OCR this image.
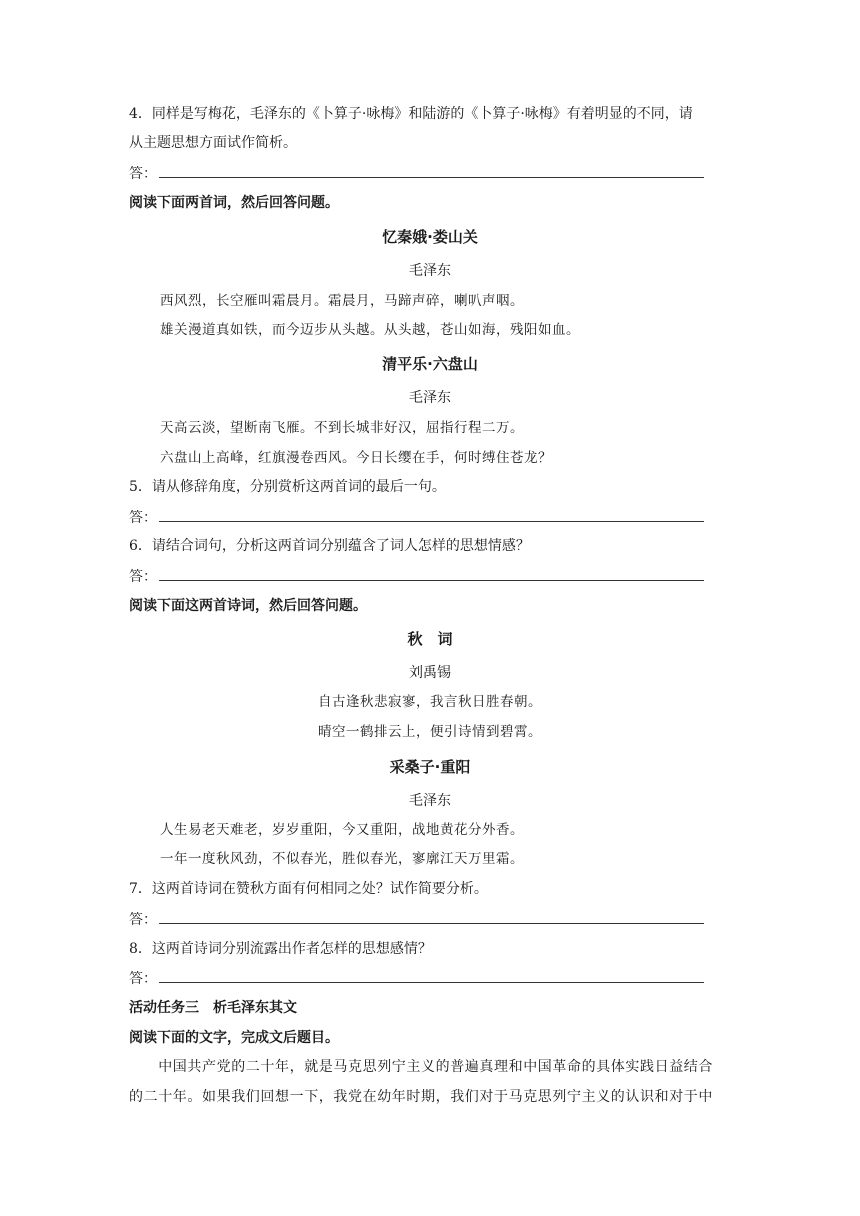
4．同样是写梅花，毛泽东的《卜算子·咏梅》和陆游的《卜算子·咏梅》有着明显的不同，请
从主题思想方面试作简析。
答：
阅读下面两首词，然后回答问题。
忆秦娥·娄山关
毛泽东
西风烈，长空雁叫霜晨月。霜晨月，马蹄声碎，喇叭声咽。
雄关漫道真如铁，而今迈步从头越。从头越，苍山如海，残阳如血。
清平乐·六盘山
毛泽东
天高云淡，望断南飞雁。不到长城非好汉，屈指行程二万。
六盘山上高峰，红旗漫卷西风。今日长缨在手，何时缚住苍龙？
5．请从修辞角度，分别赏析这两首词的最后一句。
答：
6．请结合词句，分析这两首词分别蕴含了词人怎样的思想情感？
答：
阅读下面这两首诗词，然后回答问题。
秋　词
刘禹锡
自古逢秋悲寂寥，我言秋日胜春朝。
晴空一鹤排云上，便引诗情到碧霄。
采桑子·重阳
毛泽东
人生易老天难老，岁岁重阳，今又重阳，战地黄花分外香。
一年一度秋风劲，不似春光，胜似春光，寥廓江天万里霜。
7．这两首诗词在赞秋方面有何相同之处？试作简要分析。
答：
8．这两首诗词分别流露出作者怎样的思想感情？
答：
活动任务三　析毛泽东其文
阅读下面的文字，完成文后题目。
　　中国共产党的二十年，就是马克思列宁主义的普遍真理和中国革命的具体实践日益结合
的二十年。如果我们回想一下，我党在幼年时期，我们对于马克思列宁主义的认识和对于中
